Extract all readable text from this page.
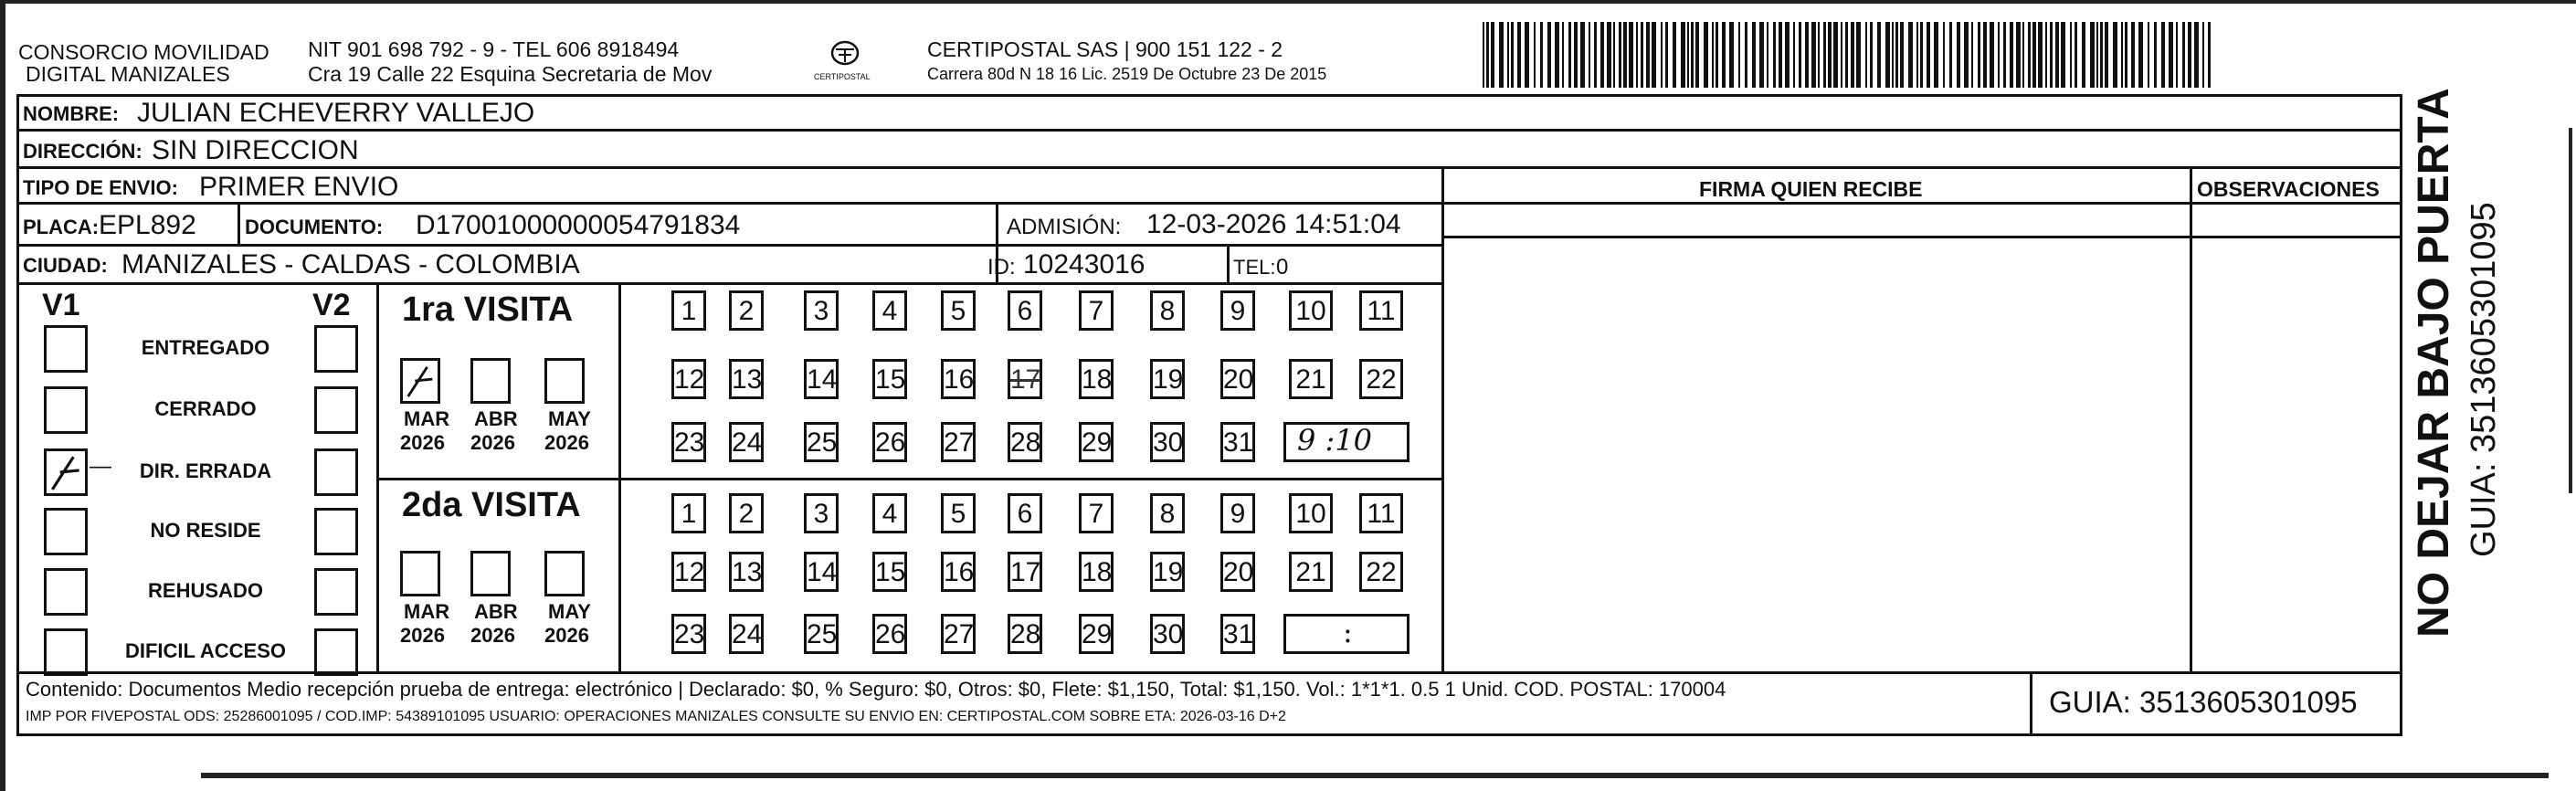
CONSORCIO MOVILIDAD
DIGITAL MANIZALES
NIT 901 698 792 - 9 - TEL 606 8918494
Cra 19 Calle 22 Esquina Secretaria de Mov	CERTIPOSTAL
CERTIPOSTAL SAS | 900 151 122 - 2
Carrera 80d N 18 16 Lic. 2519 De Octubre 23 De 2015
NOMBRE: JULIAN ECHEVERRY VALLEJO
DIRECCIÓN: SIN DIRECCION
TIPO DE ENVIO: PRIMER ENVIO
PLACA: EPL892 DOCUMENTO: D17001000000054791834	ADMISIÓN: 12-03-2026 14:51:04
CIUDAD: MANIZALES - CALDAS - COLOMBIA	ID: 10243016	TEL: 0
FIRMA QUIEN RECIBE	OBSERVACIONES
V1	V2
ENTREGADO
CERRADO
—	DIR. ERRADA
NO RESIDE
REHUSADO
DIFICIL ACCESO
1ra VISITA
MAR
2026
ABR
2026
MAY
2026
1	2	3	4	5	6	7	8	9	10 11
12 13 14 15 16 17 18 19 20 21 22
23 24 25 26 27 28 29 30 31 9 :10
2da VISITA
MAR
2026
ABR
2026
MAY
2026
1	2	3	4	5	6	7	8	9	10 11
12 13 14 15 16 17 18 19 20 21 22
23 24 25 26 27 28 29 30 31	:
Contenido: Documentos Medio recepción prueba de entrega: electrónico | Declarado: $0, % Seguro: $0, Otros: $0, Flete: $1,150, Total: $1,150. Vol.: 1*1*1. 0.5 1 Unid. COD. POSTAL: 170004
IMP POR FIVEPOSTAL ODS: 25286001095 / COD.IMP: 54389101095 USUARIO: OPERACIONES MANIZALES CONSULTE SU ENVIO EN: CERTIPOSTAL.COM SOBRE ETA: 2026-03-16 D+2	GUIA: 3513605301095
NO DEJAR BAJO PUERTA GUIA: 3513605301095
